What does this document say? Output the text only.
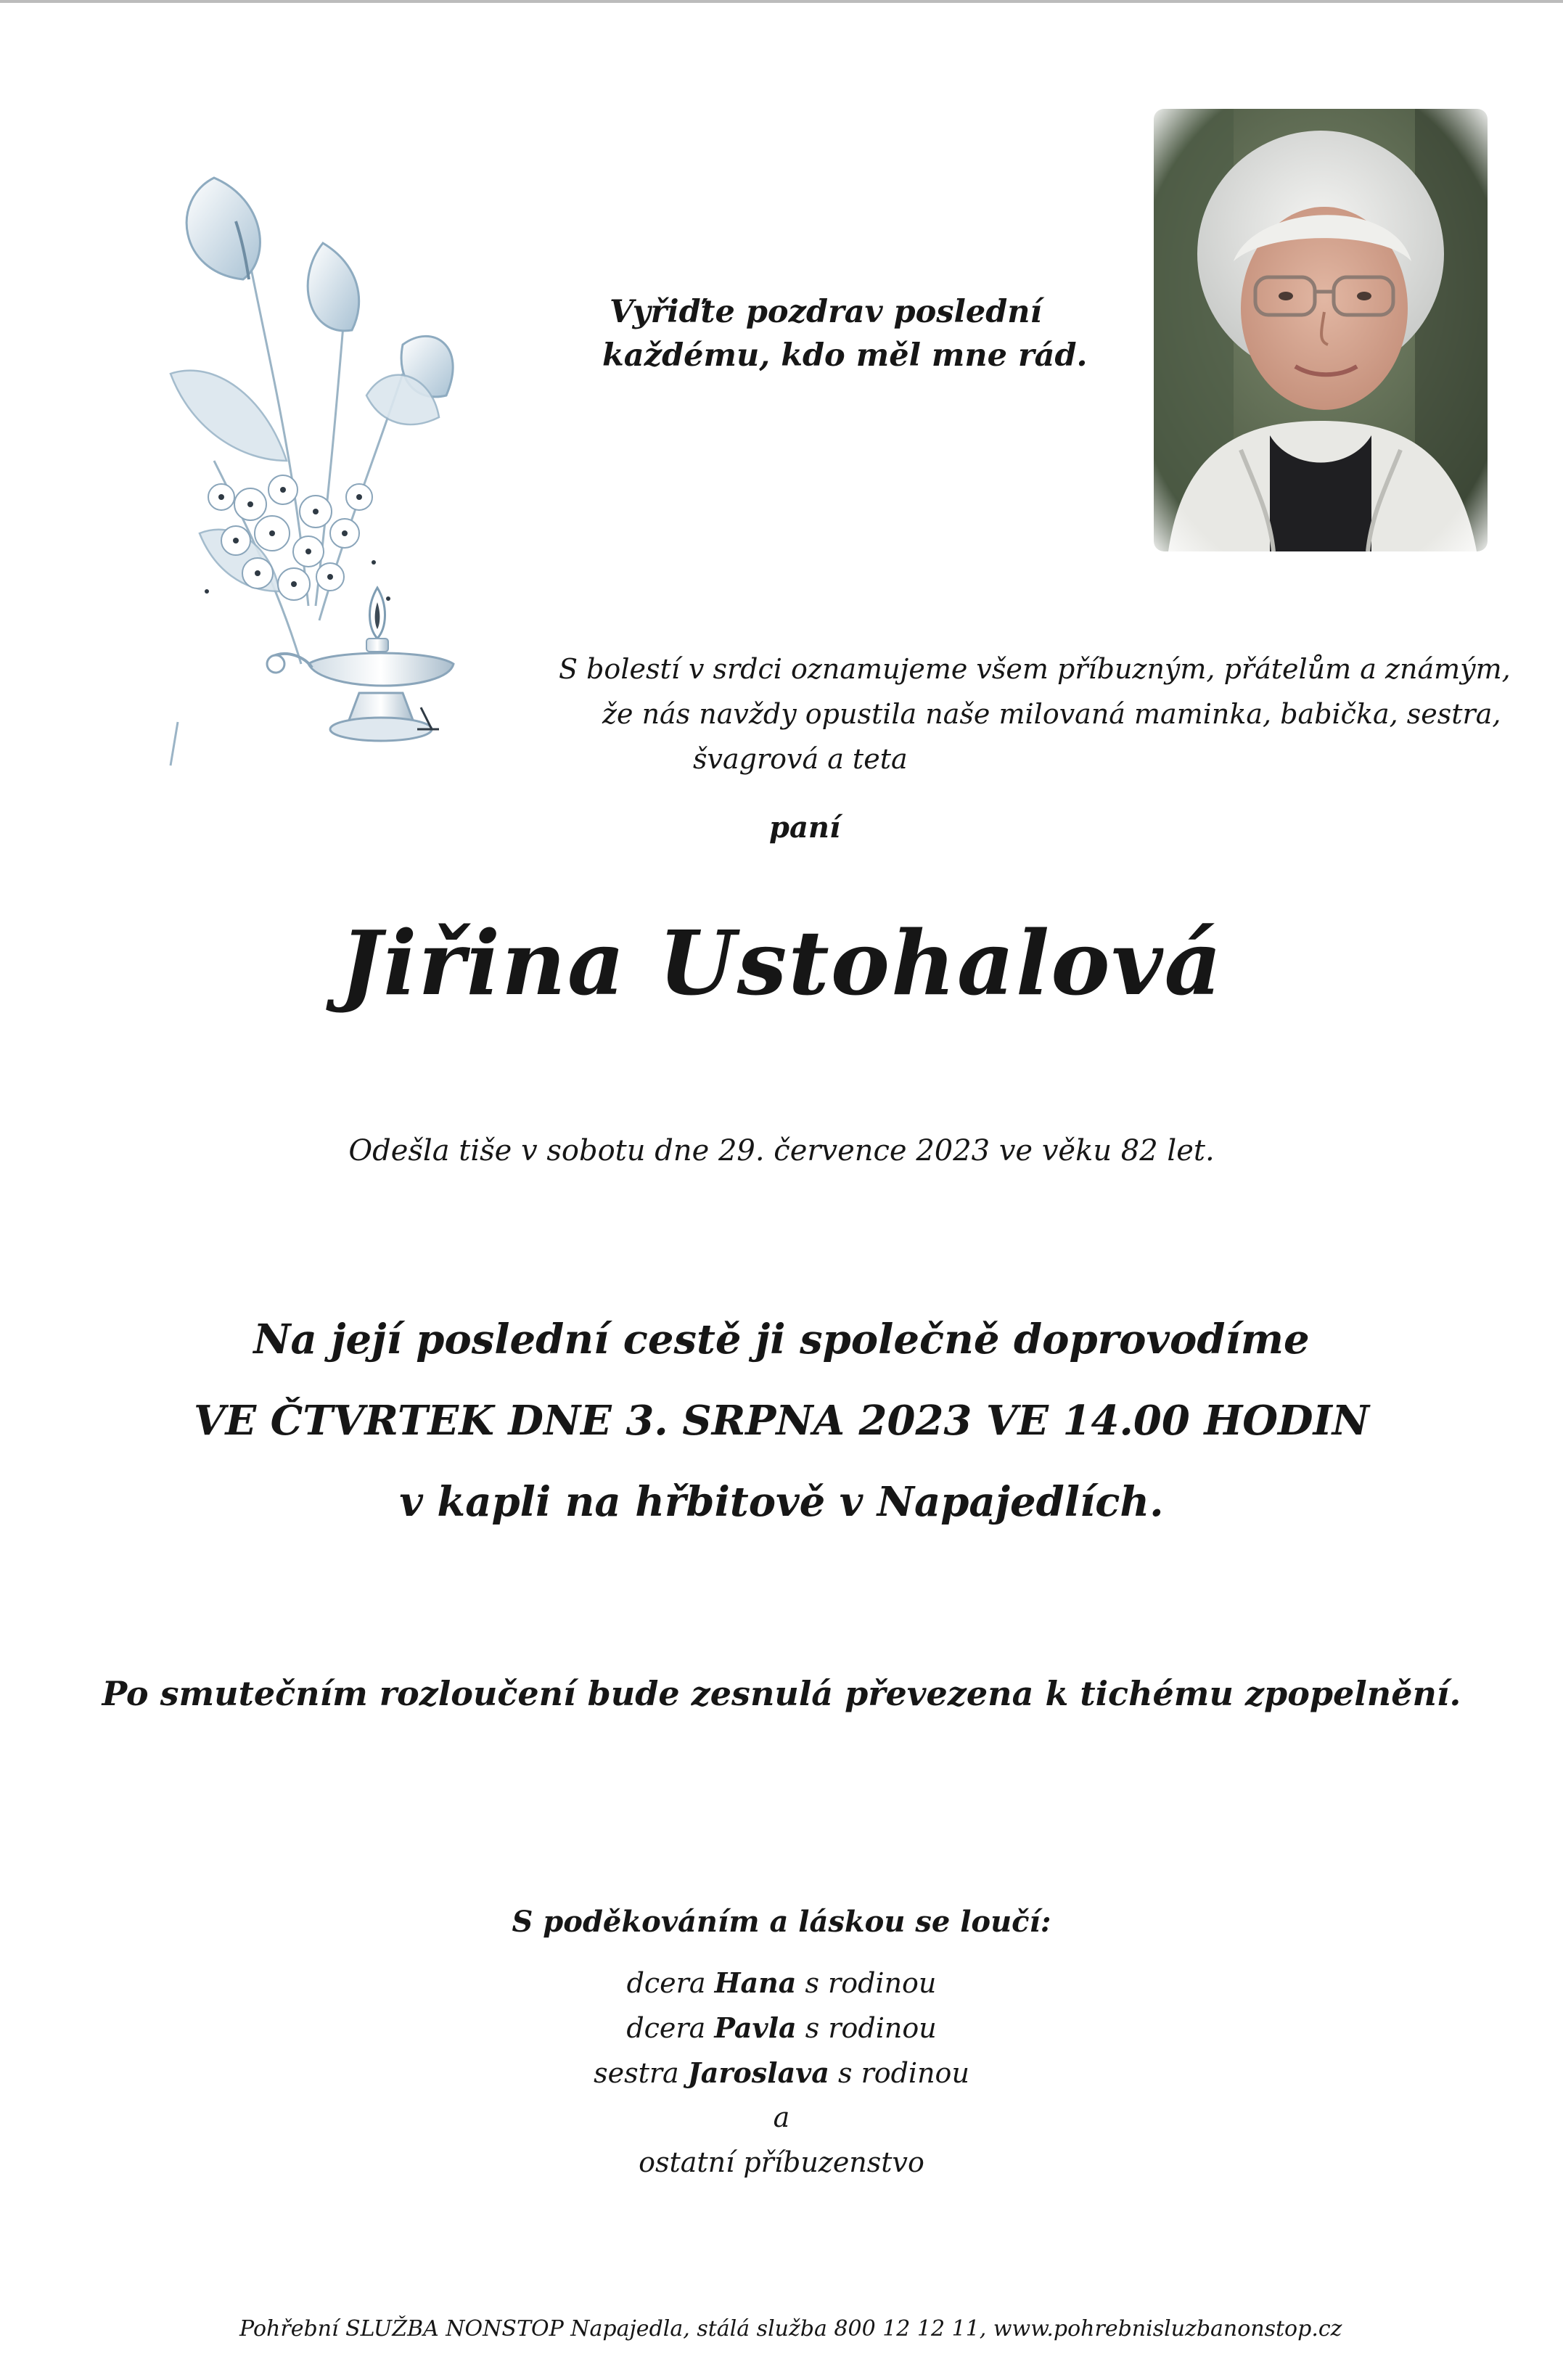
Vyřiďte pozdrav poslední
každému, kdo měl mne rád.
S bolestí v srdci oznamujeme všem příbuzným, přátelům a známým,
že nás navždy opustila naše milovaná maminka, babička, sestra,
švagrová a teta
paní
Jiřina Ustohalová
Odešla tiše v sobotu dne 29. července 2023 ve věku 82 let.
Na její poslední cestě ji společně doprovodíme
VE ČTVRTEK DNE 3. SRPNA 2023 VE 14.00 HODIN
v kapli na hřbitově v Napajedlích.
Po smutečním rozloučení bude zesnulá převezena k tichému zpopelnění.
S poděkováním a láskou se loučí:
dcera Hana s rodinou
dcera Pavla s rodinou
sestra Jaroslava s rodinou
a
ostatní příbuzenstvo
Pohřební SLUŽBA NONSTOP Napajedla, stálá služba 800 12 12 11, www.pohrebnisluzbanonstop.cz
